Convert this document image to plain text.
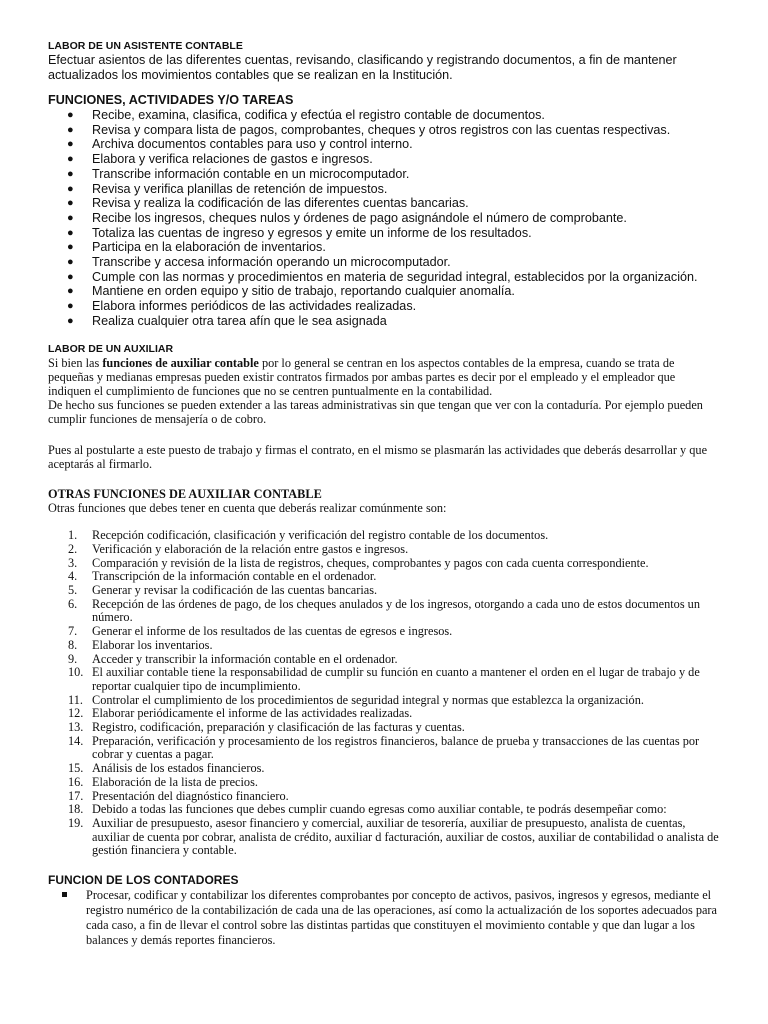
LABOR DE UN ASISTENTE CONTABLE

Efectuar asientos de las diferentes cuentas, revisando, clasificando y registrando documentos, a fin de mantener actualizados los movimientos contables que se realizan en la Institución.

FUNCIONES, ACTIVIDADES Y/O TAREAS

● Recibe, examina, clasifica, codifica y efectúa el registro contable de documentos.
● Revisa y compara lista de pagos, comprobantes, cheques y otros registros con las cuentas respectivas.
● Archiva documentos contables para uso y control interno.
● Elabora y verifica relaciones de gastos e ingresos.
● Transcribe información contable en un microcomputador.
● Revisa y verifica planillas de retención de impuestos.
● Revisa y realiza la codificación de las diferentes cuentas bancarias.
● Recibe los ingresos, cheques nulos y órdenes de pago asignándole el número de comprobante.
● Totaliza las cuentas de ingreso y egresos y emite un informe de los resultados.
● Participa en la elaboración de inventarios.
● Transcribe y accesa información operando un microcomputador.
● Cumple con las normas y procedimientos en materia de seguridad integral, establecidos por la organización.
● Mantiene en orden equipo y sitio de trabajo, reportando cualquier anomalía.
● Elabora informes periódicos de las actividades realizadas.
● Realiza cualquier otra tarea afín que le sea asignada

LABOR DE UN AUXILIAR

Si bien las funciones de auxiliar contable por lo general se centran en los aspectos contables de la empresa, cuando se trata de pequeñas y medianas empresas pueden existir contratos firmados por ambas partes es decir por el empleado y el empleador que indiquen el cumplimiento de funciones que no se centren puntualmente en la contabilidad.

De hecho sus funciones se pueden extender a las tareas administrativas sin que tengan que ver con la contaduría. Por ejemplo pueden cumplir funciones de mensajería o de cobro.

Pues al postularte a este puesto de trabajo y firmas el contrato, en el mismo se plasmarán las actividades que deberás desarrollar y que aceptarás al firmarlo.

OTRAS FUNCIONES DE AUXILIAR CONTABLE

Otras funciones que debes tener en cuenta que deberás realizar comúnmente son:

1. Recepción codificación, clasificación y verificación del registro contable de los documentos.
2. Verificación y elaboración de la relación entre gastos e ingresos.
3. Comparación y revisión de la lista de registros, cheques, comprobantes y pagos con cada cuenta correspondiente.
4. Transcripción de la información contable en el ordenador.
5. Generar y revisar la codificación de las cuentas bancarias.
6. Recepción de las órdenes de pago, de los cheques anulados y de los ingresos, otorgando a cada uno de estos documentos un número.
7. Generar el informe de los resultados de las cuentas de egresos e ingresos.
8. Elaborar los inventarios.
9. Acceder y transcribir la información contable en el ordenador.
10. El auxiliar contable tiene la responsabilidad de cumplir su función en cuanto a mantener el orden en el lugar de trabajo y de reportar cualquier tipo de incumplimiento.
11. Controlar el cumplimiento de los procedimientos de seguridad integral y normas que establezca la organización.
12. Elaborar periódicamente el informe de las actividades realizadas.
13. Registro, codificación, preparación y clasificación de las facturas y cuentas.
14. Preparación, verificación y procesamiento de los registros financieros, balance de prueba y transacciones de las cuentas por cobrar y cuentas a pagar.
15. Análisis de los estados financieros.
16. Elaboración de la lista de precios.
17. Presentación del diagnóstico financiero.
18. Debido a todas las funciones que debes cumplir cuando egresas como auxiliar contable, te podrás desempeñar como:
19. Auxiliar de presupuesto, asesor financiero y comercial, auxiliar de tesorería, auxiliar de presupuesto, analista de cuentas, auxiliar de cuenta por cobrar, analista de crédito, auxiliar d facturación, auxiliar de costos, auxiliar de contabilidad o analista de gestión financiera y contable.

FUNCION DE LOS CONTADORES

Procesar, codificar y contabilizar los diferentes comprobantes por concepto de activos, pasivos, ingresos y egresos, mediante el registro numérico de la contabilización de cada una de las operaciones, así como la actualización de los soportes adecuados para cada caso, a fin de llevar el control sobre las distintas partidas que constituyen el movimiento contable y que dan lugar a los balances y demás reportes financieros.
